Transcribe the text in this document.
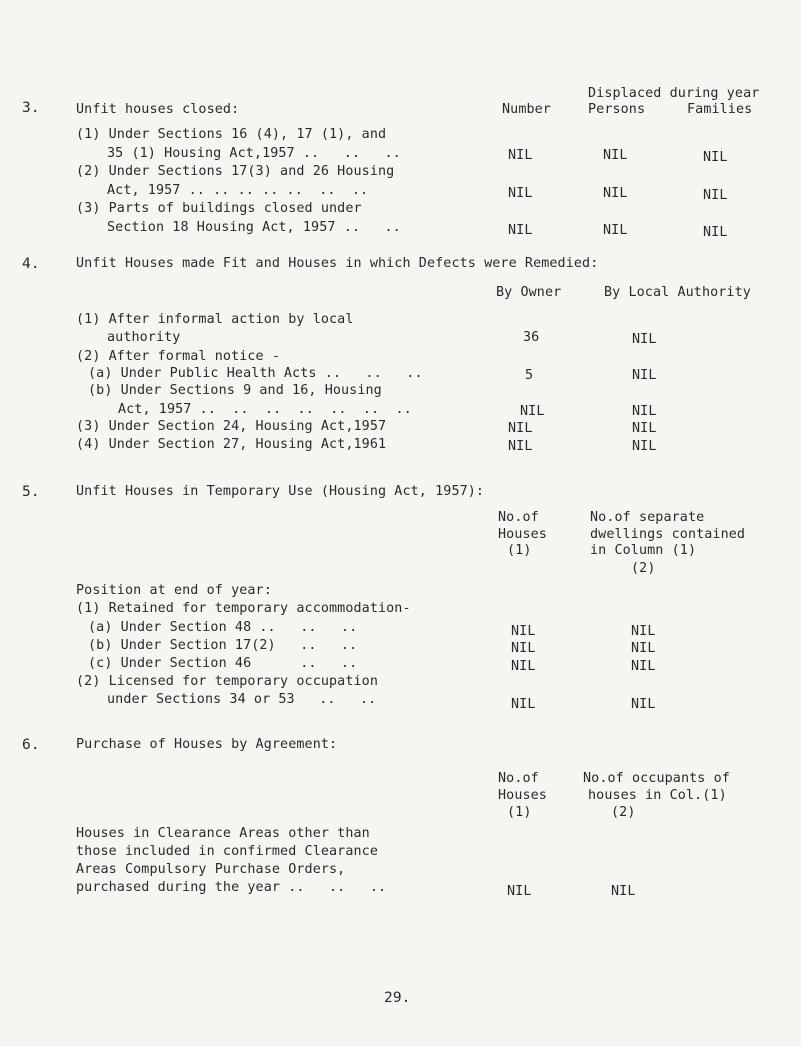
3.
Displaced during year
Unfit houses closed:	Number	Persons	Families
(1) Under Sections 16 (4), 17 (1), and
35 (1) Housing Act,1957 ..   ..   ..	NIL	NIL	NIL
(2) Under Sections 17(3) and 26 Housing
Act, 1957 .. .. .. .. ..  ..  ..	NIL	NIL	NIL
(3) Parts of buildings closed under
Section 18 Housing Act, 1957 ..   ..	NIL	NIL	NIL
4.	Unfit Houses made Fit and Houses in which Defects were Remedied:
By Owner	By Local Authority
(1) After informal action by local
authority	36	NIL
(2) After formal notice -
(a) Under Public Health Acts ..   ..   ..	5	NIL
(b) Under Sections 9 and 16, Housing
Act, 1957 ..  ..  ..  ..  ..  ..  ..	NIL	NIL
(3) Under Section 24, Housing Act,1957	NIL	NIL
(4) Under Section 27, Housing Act,1961	NIL	NIL
5.	Unfit Houses in Temporary Use (Housing Act, 1957):
No.of
Houses
(1)
No.of separate
dwellings contained
in Column (1)
(2)
Position at end of year:
(1) Retained for temporary accommodation-
(a) Under Section 48 ..   ..   ..	NIL	NIL
(b) Under Section 17(2)   ..   ..	NIL	NIL
(c) Under Section 46      ..   ..	NIL	NIL
(2) Licensed for temporary occupation
under Sections 34 or 53   ..   ..	NIL	NIL
6.	Purchase of Houses by Agreement:
No.of
Houses
(1)
No.of occupants of
houses in Col.(1)
(2)
Houses in Clearance Areas other than
those included in confirmed Clearance
Areas Compulsory Purchase Orders,
purchased during the year ..   ..   ..	NIL	NIL
29.
